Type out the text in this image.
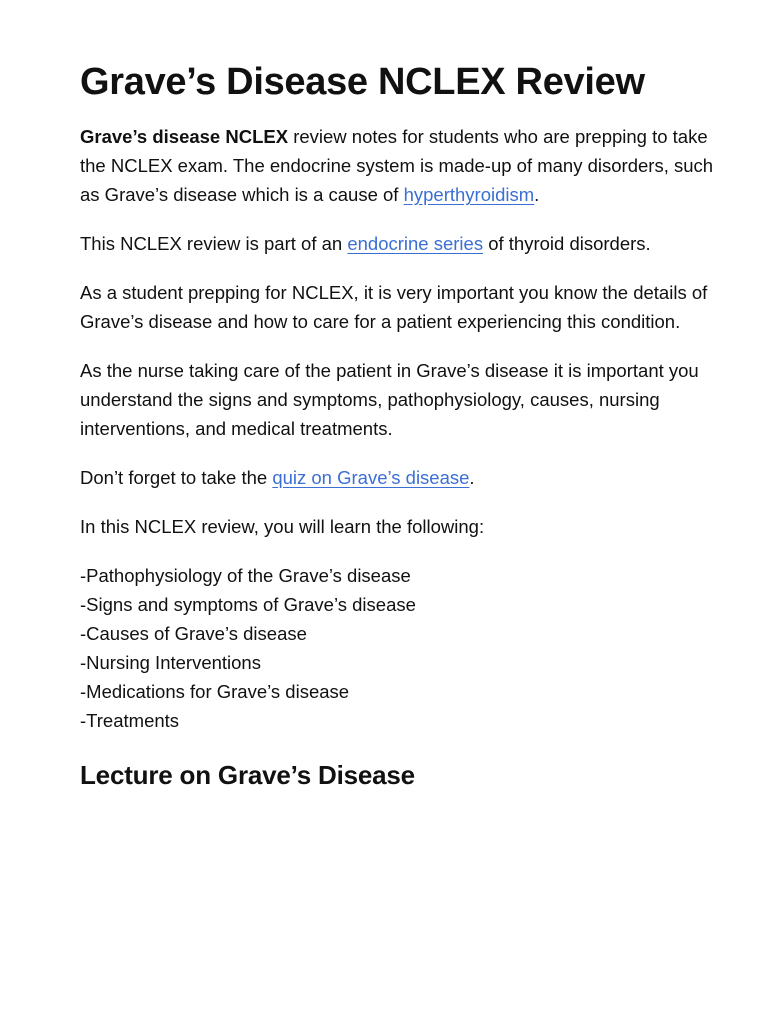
Grave’s Disease NCLEX Review

Grave’s disease NCLEX review notes for students who are prepping to take the NCLEX exam. The endocrine system is made-up of many disorders, such as Grave’s disease which is a cause of hyperthyroidism.

This NCLEX review is part of an endocrine series of thyroid disorders.

As a student prepping for NCLEX, it is very important you know the details of Grave’s disease and how to care for a patient experiencing this condition.

As the nurse taking care of the patient in Grave’s disease it is important you understand the signs and symptoms, pathophysiology, causes, nursing interventions, and medical treatments.

Don’t forget to take the quiz on Grave’s disease.

In this NCLEX review, you will learn the following:

-Pathophysiology of the Grave’s disease
-Signs and symptoms of Grave’s disease
-Causes of Grave’s disease
-Nursing Interventions
-Medications for Grave’s disease
-Treatments
Lecture on Grave’s Disease
